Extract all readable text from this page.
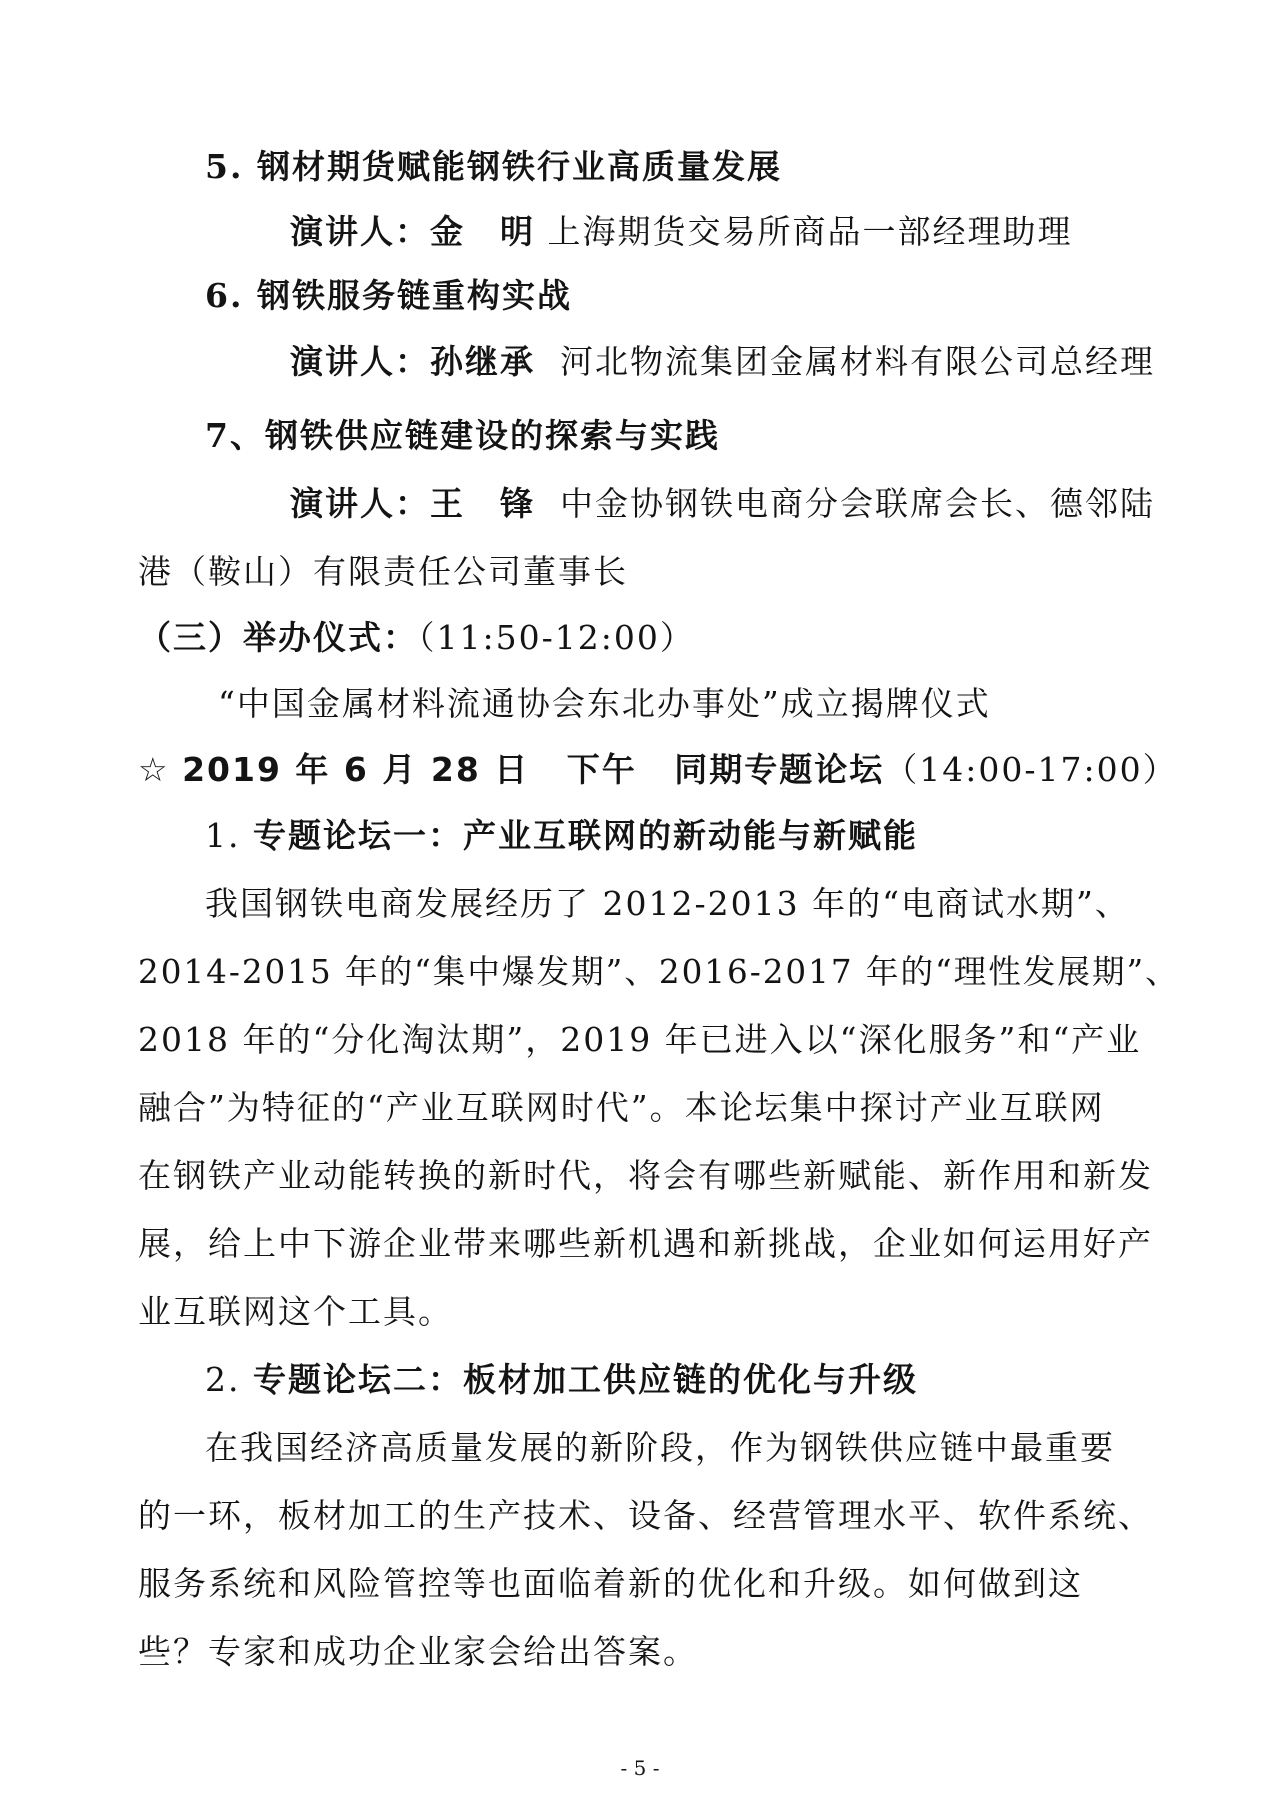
5. 钢材期货赋能钢铁行业高质量发展
演讲人：金　明 上海期货交易所商品一部经理助理
6. 钢铁服务链重构实战
演讲人：孙继承 河北物流集团金属材料有限公司总经理
7、钢铁供应链建设的探索与实践
演讲人：王　锋 中金协钢铁电商分会联席会长、德邻陆
港（鞍山）有限责任公司董事长
（三）举办仪式：（11:50-12:00）
“中国金属材料流通协会东北办事处”成立揭牌仪式
☆ 2019 年 6 月 28 日 下午 同期专题论坛（14:00-17:00）
1. 专题论坛一：产业互联网的新动能与新赋能
我国钢铁电商发展经历了 2012-2013 年的“电商试水期”、
2014-2015 年的“集中爆发期”、2016-2017 年的“理性发展期”、
2018 年的“分化淘汰期”，2019 年已进入以“深化服务”和“产业
融合”为特征的“产业互联网时代”。本论坛集中探讨产业互联网
在钢铁产业动能转换的新时代，将会有哪些新赋能、新作用和新发
展，给上中下游企业带来哪些新机遇和新挑战，企业如何运用好产
业互联网这个工具。
2. 专题论坛二：板材加工供应链的优化与升级
在我国经济高质量发展的新阶段，作为钢铁供应链中最重要
的一环，板材加工的生产技术、设备、经营管理水平、软件系统、
服务系统和风险管控等也面临着新的优化和升级。如何做到这
些？专家和成功企业家会给出答案。
- 5 -
